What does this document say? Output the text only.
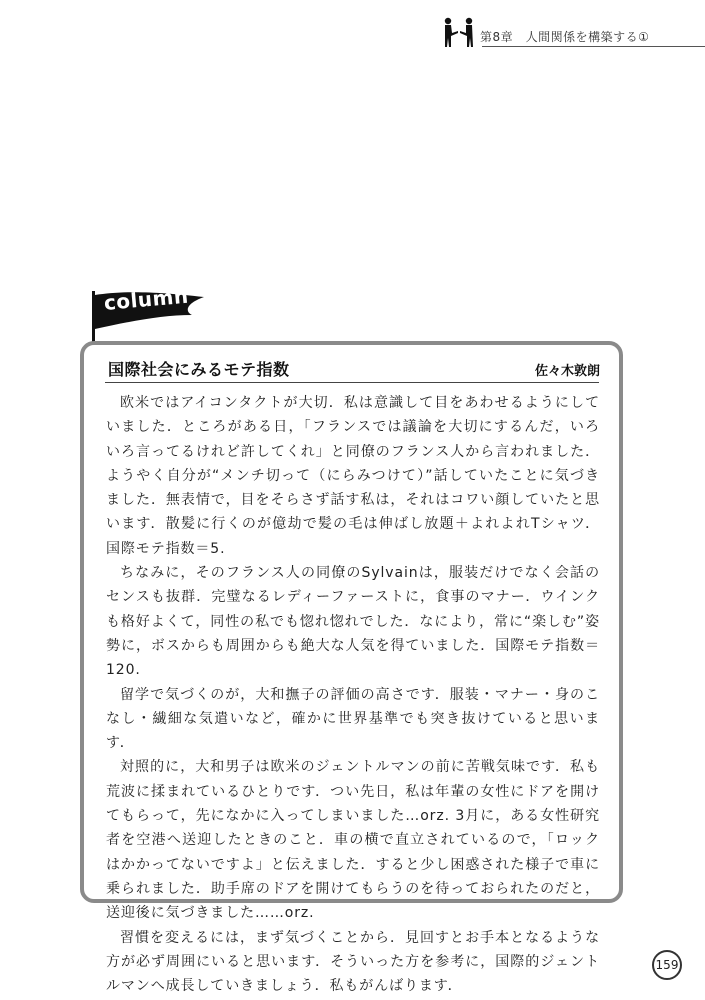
第8章　人間関係を構築する①
column
国際社会にみるモテ指数	佐々木敦朗

欧米ではアイコンタクトが大切．私は意識して目をあわせるようにしていました．ところがある日，「フランスでは議論を大切にするんだ，いろいろ言ってるけれど許してくれ」と同僚のフランス人から言われました．ようやく自分が“メンチ切って（にらみつけて）”話していたことに気づきました．無表情で，目をそらさず話す私は，それはコワい顔していたと思います．散髪に行くのが億劫で髪の毛は伸ばし放題＋よれよれTシャツ．国際モテ指数＝5.

ちなみに，そのフランス人の同僚のSylvainは，服装だけでなく会話のセンスも抜群．完璧なるレディーファーストに，食事のマナー．ウインクも格好よくて，同性の私でも惚れ惚れでした．なにより，常に“楽しむ”姿勢に，ボスからも周囲からも絶大な人気を得ていました．国際モテ指数＝120.

留学で気づくのが，大和撫子の評価の高さです．服装・マナー・身のこなし・繊細な気遣いなど，確かに世界基準でも突き抜けていると思います．

対照的に，大和男子は欧米のジェントルマンの前に苦戦気味です．私も荒波に揉まれているひとりです．つい先日，私は年輩の女性にドアを開けてもらって，先になかに入ってしまいました…orz. 3月に，ある女性研究者を空港へ送迎したときのこと．車の横で直立されているので，「ロックはかかってないですよ」と伝えました．すると少し困惑された様子で車に乗られました．助手席のドアを開けてもらうのを待っておられたのだと，送迎後に気づきました……orz.

習慣を変えるには，まず気づくことから．見回すとお手本となるような方が必ず周囲にいると思います．そういった方を参考に，国際的ジェントルマンへ成長していきましょう．私もがんばります．

159
